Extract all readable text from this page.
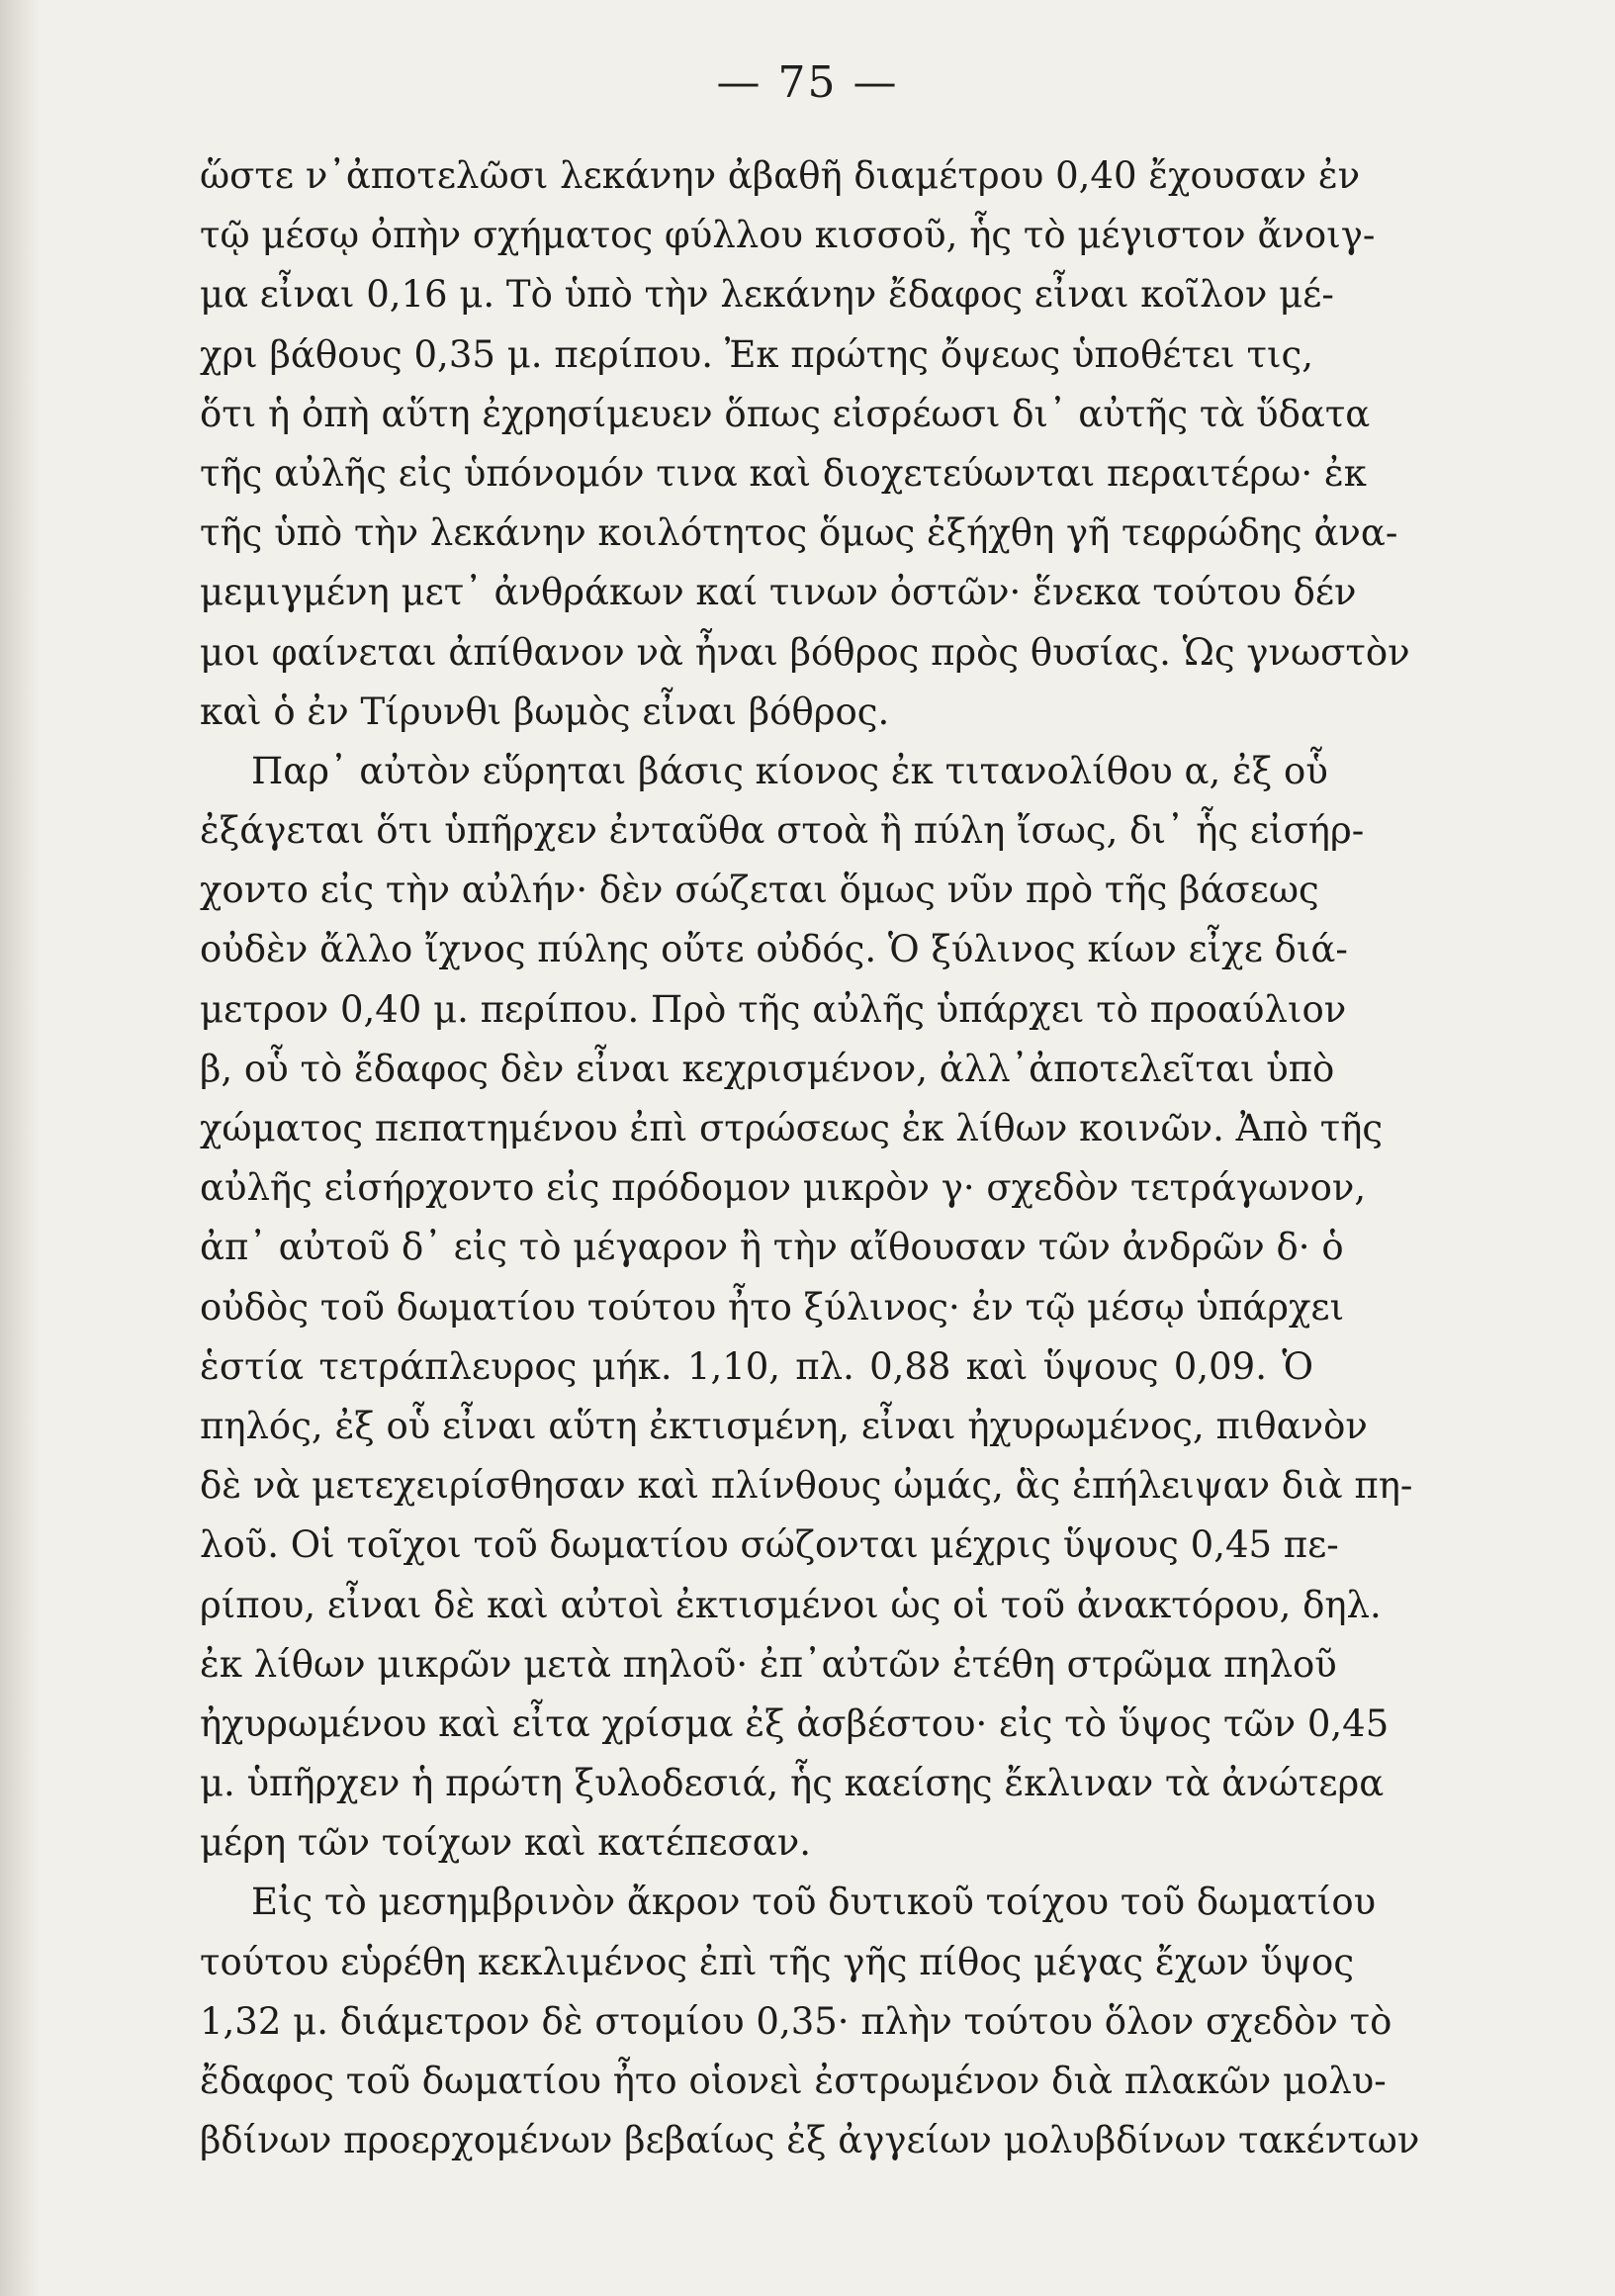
— 75 —
ὥστε ν᾿ἀποτελῶσι λεκάνην ἀβαθῆ διαμέτρου 0,40 ἔχουσαν ἐν
τῷ μέσῳ ὀπὴν σχήματος φύλλου κισσοῦ, ἧς τὸ μέγιστον ἄνοιγ-
μα εἶναι 0,16 μ. Τὸ ὑπὸ τὴν λεκάνην ἔδαφος εἶναι κοῖλον μέ-
χρι βάθους 0,35 μ. περίπου. Ἐκ πρώτης ὄψεως ὑποθέτει τις,
ὅτι ἡ ὀπὴ αὕτη ἐχρησίμευεν ὅπως εἰσρέωσι δι᾿ αὐτῆς τὰ ὕδατα
τῆς αὐλῆς εἰς ὑπόνομόν τινα καὶ διοχετεύωνται περαιτέρω· ἐκ
τῆς ὑπὸ τὴν λεκάνην κοιλότητος ὅμως ἐξήχθη γῆ τεφρώδης ἀνα-
μεμιγμένη μετ᾿ ἀνθράκων καί τινων ὀστῶν· ἕνεκα τούτου δέν
μοι φαίνεται ἀπίθανον νὰ ἦναι βόθρος πρὸς θυσίας. Ὡς γνωστὸν
καὶ ὁ ἐν Τίρυνθι βωμὸς εἶναι βόθρος.
Παρ᾿ αὐτὸν εὕρηται βάσις κίονος ἐκ τιτανολίθου α, ἐξ οὗ
ἐξάγεται ὅτι ὑπῆρχεν ἐνταῦθα στοὰ ἢ πύλη ἴσως, δι᾿ ἧς εἰσήρ-
χοντο εἰς τὴν αὐλήν· δὲν σώζεται ὅμως νῦν πρὸ τῆς βάσεως
οὐδὲν ἄλλο ἴχνος πύλης οὔτε οὐδός. Ὁ ξύλινος κίων εἶχε διά-
μετρον 0,40 μ. περίπου. Πρὸ τῆς αὐλῆς ὑπάρχει τὸ προαύλιον
β, οὗ τὸ ἔδαφος δὲν εἶναι κεχρισμένον, ἀλλ᾿ἀποτελεῖται ὑπὸ
χώματος πεπατημένου ἐπὶ στρώσεως ἐκ λίθων κοινῶν. Ἀπὸ τῆς
αὐλῆς εἰσήρχοντο εἰς πρόδομον μικρὸν γ· σχεδὸν τετράγωνον,
ἀπ᾿ αὐτοῦ δ᾿ εἰς τὸ μέγαρον ἢ τὴν αἴθουσαν τῶν ἀνδρῶν δ· ὁ
οὐδὸς τοῦ δωματίου τούτου ἦτο ξύλινος· ἐν τῷ μέσῳ ὑπάρχει
ἑστία τετράπλευρος μήκ. 1,10, πλ. 0,88 καὶ ὕψους 0,09. Ὁ
πηλός, ἐξ οὗ εἶναι αὕτη ἐκτισμένη, εἶναι ἠχυρωμένος, πιθανὸν
δὲ νὰ μετεχειρίσθησαν καὶ πλίνθους ὠμάς, ἃς ἐπήλειψαν διὰ πη-
λοῦ. Οἱ τοῖχοι τοῦ δωματίου σώζονται μέχρις ὕψους 0,45 πε-
ρίπου, εἶναι δὲ καὶ αὐτοὶ ἐκτισμένοι ὡς οἱ τοῦ ἀνακτόρου, δηλ.
ἐκ λίθων μικρῶν μετὰ πηλοῦ· ἐπ᾿αὐτῶν ἐτέθη στρῶμα πηλοῦ
ἠχυρωμένου καὶ εἶτα χρίσμα ἐξ ἀσβέστου· εἰς τὸ ὕψος τῶν 0,45
μ. ὑπῆρχεν ἡ πρώτη ξυλοδεσιά, ἧς καείσης ἔκλιναν τὰ ἀνώτερα
μέρη τῶν τοίχων καὶ κατέπεσαν.
Εἰς τὸ μεσημβρινὸν ἄκρον τοῦ δυτικοῦ τοίχου τοῦ δωματίου
τούτου εὑρέθη κεκλιμένος ἐπὶ τῆς γῆς πίθος μέγας ἔχων ὕψος
1,32 μ. διάμετρον δὲ στομίου 0,35· πλὴν τούτου ὅλον σχεδὸν τὸ
ἔδαφος τοῦ δωματίου ἦτο οἱονεὶ ἐστρωμένον διὰ πλακῶν μολυ-
βδίνων προερχομένων βεβαίως ἐξ ἀγγείων μολυβδίνων τακέντων
